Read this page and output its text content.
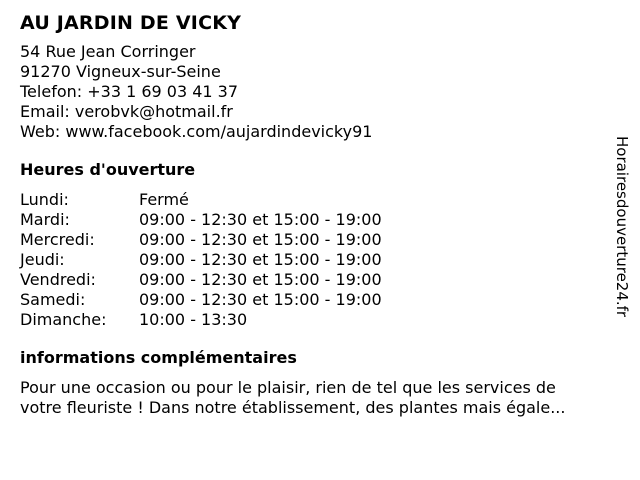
AU JARDIN DE VICKY
54 Rue Jean Corringer
91270 Vigneux-sur-Seine
Telefon: +33 1 69 03 41 37
Email: verobvk@hotmail.fr
Web: www.facebook.com/aujardindevicky91
Heures d'ouverture
Lundi:	Fermé
Mardi:	09:00 - 12:30 et 15:00 - 19:00
Mercredi:	09:00 - 12:30 et 15:00 - 19:00
Jeudi:	09:00 - 12:30 et 15:00 - 19:00
Vendredi:	09:00 - 12:30 et 15:00 - 19:00
Samedi:	09:00 - 12:30 et 15:00 - 19:00
Dimanche:	10:00 - 13:30
informations complémentaires
Pour une occasion ou pour le plaisir, rien de tel que les services de
votre fleuriste ! Dans notre établissement, des plantes mais égale...
Horairesdouverture24.fr
